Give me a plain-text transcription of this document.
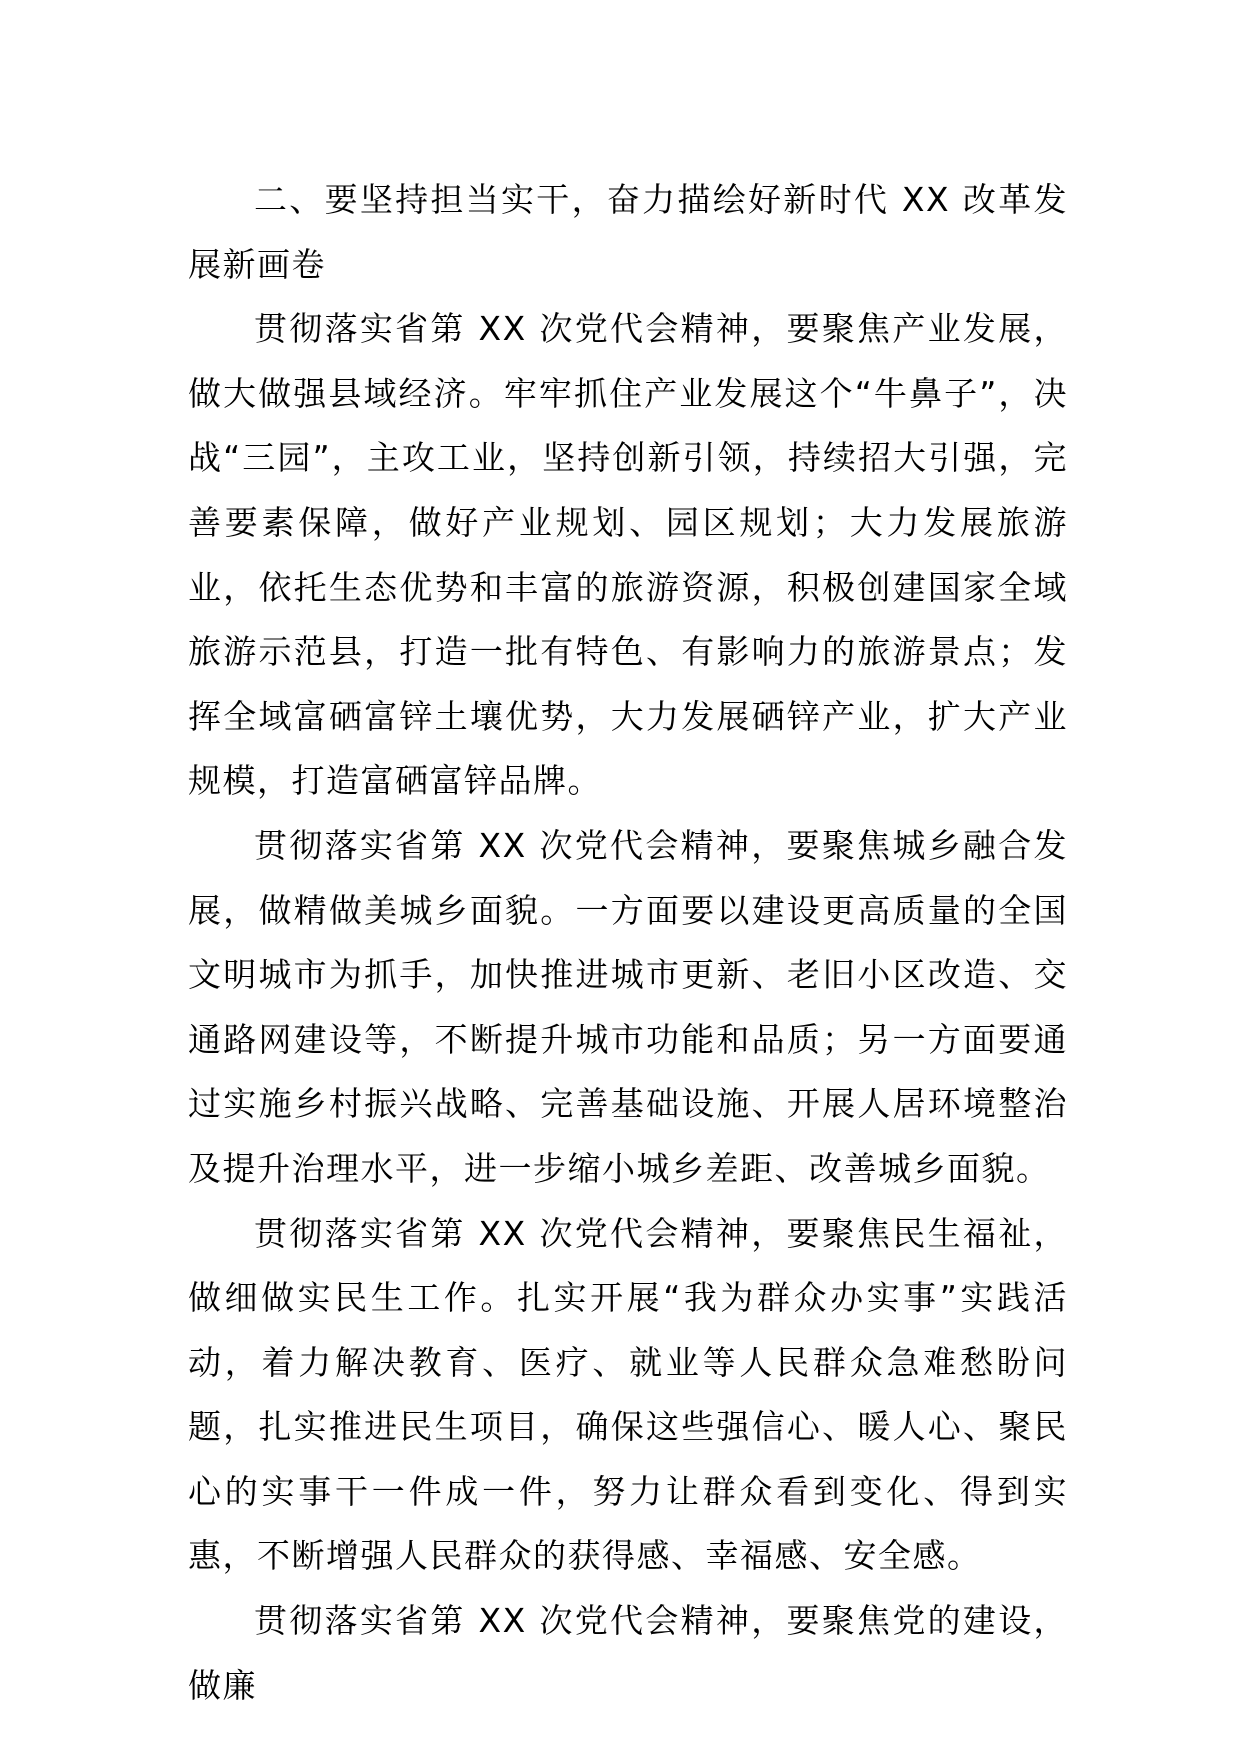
二、要坚持担当实干，奋力描绘好新时代 XX 改革发展新画卷

贯彻落实省第 XX 次党代会精神，要聚焦产业发展，做大做强县域经济。牢牢抓住产业发展这个“牛鼻子”，决战“三园”，主攻工业，坚持创新引领，持续招大引强，完善要素保障，做好产业规划、园区规划；大力发展旅游业，依托生态优势和丰富的旅游资源，积极创建国家全域旅游示范县，打造一批有特色、有影响力的旅游景点；发挥全域富硒富锌土壤优势，大力发展硒锌产业，扩大产业规模，打造富硒富锌品牌。

贯彻落实省第 XX 次党代会精神，要聚焦城乡融合发展，做精做美城乡面貌。一方面要以建设更高质量的全国文明城市为抓手，加快推进城市更新、老旧小区改造、交通路网建设等，不断提升城市功能和品质；另一方面要通过实施乡村振兴战略、完善基础设施、开展人居环境整治及提升治理水平，进一步缩小城乡差距、改善城乡面貌。

贯彻落实省第 XX 次党代会精神，要聚焦民生福祉，做细做实民生工作。扎实开展“我为群众办实事”实践活动，着力解决教育、医疗、就业等人民群众急难愁盼问题，扎实推进民生项目，确保这些强信心、暖人心、聚民心的实事干一件成一件，努力让群众看到变化、得到实惠，不断增强人民群众的获得感、幸福感、安全感。

贯彻落实省第 XX 次党代会精神，要聚焦党的建设，做廉
